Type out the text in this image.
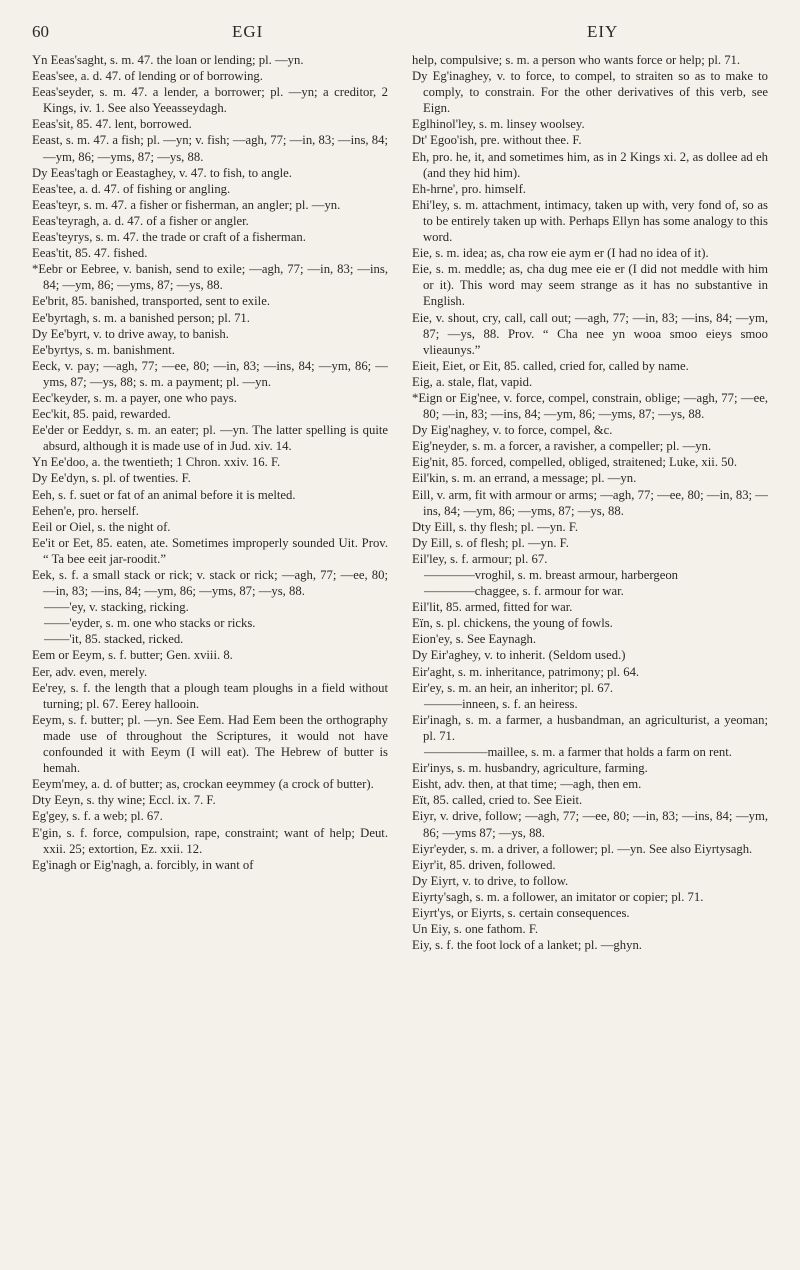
60	EGI	EIY

Yn Eeas'saght, s. m. 47. the loan or lending; pl. —yn.

Eeas'see, a. d. 47. of lending or of borrowing.

Eeas'seyder, s. m. 47. a lender, a borrower; pl. —yn; a creditor, 2 Kings, iv. 1. See also Yeeasseydagh.

Eeas'sit, 85. 47. lent, borrowed.

Eeast, s. m. 47. a fish; pl. —yn; v. fish; —agh, 77; —in, 83; —ins, 84; —ym, 86; —yms, 87; —ys, 88.

Dy Eeas'tagh or Eeastaghey, v. 47. to fish, to angle.

Eeas'tee, a. d. 47. of fishing or angling.

Eeas'teyr, s. m. 47. a fisher or fisherman, an angler; pl. —yn.

Eeas'teyragh, a. d. 47. of a fisher or angler.

Eeas'teyrys, s. m. 47. the trade or craft of a fisherman.

Eeas'tit, 85. 47. fished.

*Eebr or Eebree, v. banish, send to exile; —agh, 77; —in, 83; —ins, 84; —ym, 86; —yms, 87; —ys, 88.

Ee'brit, 85. banished, transported, sent to exile.

Ee'byrtagh, s. m. a banished person; pl. 71.

Dy Ee'byrt, v. to drive away, to banish.

Ee'byrtys, s. m. banishment.

Eeck, v. pay; —agh, 77; —ee, 80; —in, 83; —ins, 84; —ym, 86; —yms, 87; —ys, 88; s. m. a payment; pl. —yn.

Eec'keyder, s. m. a payer, one who pays.

Eec'kit, 85. paid, rewarded.

Ee'der or Eeddyr, s. m. an eater; pl. —yn. The latter spelling is quite absurd, although it is made use of in Jud. xiv. 14.

Yn Ee'doo, a. the twentieth; 1 Chron. xxiv. 16. F.

Dy Ee'dyn, s. pl. of twenties. F.

Eeh, s. f. suet or fat of an animal before it is melted.

Eehen'e, pro. herself.

Eeil or Oiel, s. the night of.

Ee'it or Eet, 85. eaten, ate. Sometimes improperly sounded Uit. Prov. “ Ta bee eeit jar-roodit.”

Eek, s. f. a small stack or rick; v. stack or rick; —agh, 77; —ee, 80; —in, 83; —ins, 84; —ym, 86; —yms, 87; —ys, 88.

——'ey, v. stacking, ricking.

——'eyder, s. m. one who stacks or ricks.

——'it, 85. stacked, ricked.

Eem or Eeym, s. f. butter; Gen. xviii. 8.

Eer, adv. even, merely.

Ee'rey, s. f. the length that a plough team ploughs in a field without turning; pl. 67. Eerey hallooin.

Eeym, s. f. butter; pl. —yn. See Eem. Had Eem been the orthography made use of throughout the Scriptures, it would not have confounded it with Eeym (I will eat). The Hebrew of butter is hemah.

Eeym'mey, a. d. of butter; as, crockan eeymmey (a crock of butter).

Dty Eeyn, s. thy wine; Eccl. ix. 7. F.

Eg'gey, s. f. a web; pl. 67.

E'gin, s. f. force, compulsion, rape, constraint; want of help; Deut. xxii. 25; extortion, Ez. xxii. 12.

Eg'inagh or Eig'nagh, a. forcibly, in want of

help, compulsive; s. m. a person who wants force or help; pl. 71.

Dy Eg'inaghey, v. to force, to compel, to straiten so as to make to comply, to constrain. For the other derivatives of this verb, see Eign.

Eglhinol'ley, s. m. linsey woolsey.

Dt' Egoo'ish, pre. without thee. F.

Eh, pro. he, it, and sometimes him, as in 2 Kings xi. 2, as dollee ad eh (and they hid him).

Eh-hrne', pro. himself.

Ehi'ley, s. m. attachment, intimacy, taken up with, very fond of, so as to be entirely taken up with. Perhaps Ellyn has some analogy to this word.

Eie, s. m. idea; as, cha row eie aym er (I had no idea of it).

Eie, s. m. meddle; as, cha dug mee eie er (I did not meddle with him or it). This word may seem strange as it has no substantive in English.

Eie, v. shout, cry, call, call out; —agh, 77; —in, 83; —ins, 84; —ym, 87; —ys, 88. Prov. “ Cha nee yn wooa smoo eieys smoo vlieaunys.”

Eieit, Eiet, or Eit, 85. called, cried for, called by name.

Eig, a. stale, flat, vapid.

*Eign or Eig'nee, v. force, compel, constrain, oblige; —agh, 77; —ee, 80; —in, 83; —ins, 84; —ym, 86; —yms, 87; —ys, 88.

Dy Eig'naghey, v. to force, compel, &c.

Eig'neyder, s. m. a forcer, a ravisher, a compeller; pl. —yn.

Eig'nit, 85. forced, compelled, obliged, straitened; Luke, xii. 50.

Eil'kin, s. m. an errand, a message; pl. —yn.

Eill, v. arm, fit with armour or arms; —agh, 77; —ee, 80; —in, 83; —ins, 84; —ym, 86; —yms, 87; —ys, 88.

Dty Eill, s. thy flesh; pl. —yn. F.

Dy Eill, s. of flesh; pl. —yn. F.

Eil'ley, s. f. armour; pl. 67.

————vroghil, s. m. breast armour, harbergeon

————chaggee, s. f. armour for war.

Eil'lit, 85. armed, fitted for war.

Eïn, s. pl. chickens, the young of fowls.

Eion'ey, s. See Eaynagh.

Dy Eir'aghey, v. to inherit. (Seldom used.)

Eir'aght, s. m. inheritance, patrimony; pl. 64.

Eir'ey, s. m. an heir, an inheritor; pl. 67.

———inneen, s. f. an heiress.

Eir'inagh, s. m. a farmer, a husbandman, an agriculturist, a yeoman; pl. 71.

—————maillee, s. m. a farmer that holds a farm on rent.

Eir'inys, s. m. husbandry, agriculture, farming.

Eisht, adv. then, at that time; —agh, then em.

Eït, 85. called, cried to. See Eieit.

Eiyr, v. drive, follow; —agh, 77; —ee, 80; —in, 83; —ins, 84; —ym, 86; —yms 87; —ys, 88.

Eiyr'eyder, s. m. a driver, a follower; pl. —yn. See also Eiyrtysagh.

Eiyr'it, 85. driven, followed.

Dy Eiyrt, v. to drive, to follow.

Eiyrty'sagh, s. m. a follower, an imitator or copier; pl. 71.

Eiyrt'ys, or Eiyrts, s. certain consequences.

Un Eiy, s. one fathom. F.

Eiy, s. f. the foot lock of a lanket; pl. —ghyn.
